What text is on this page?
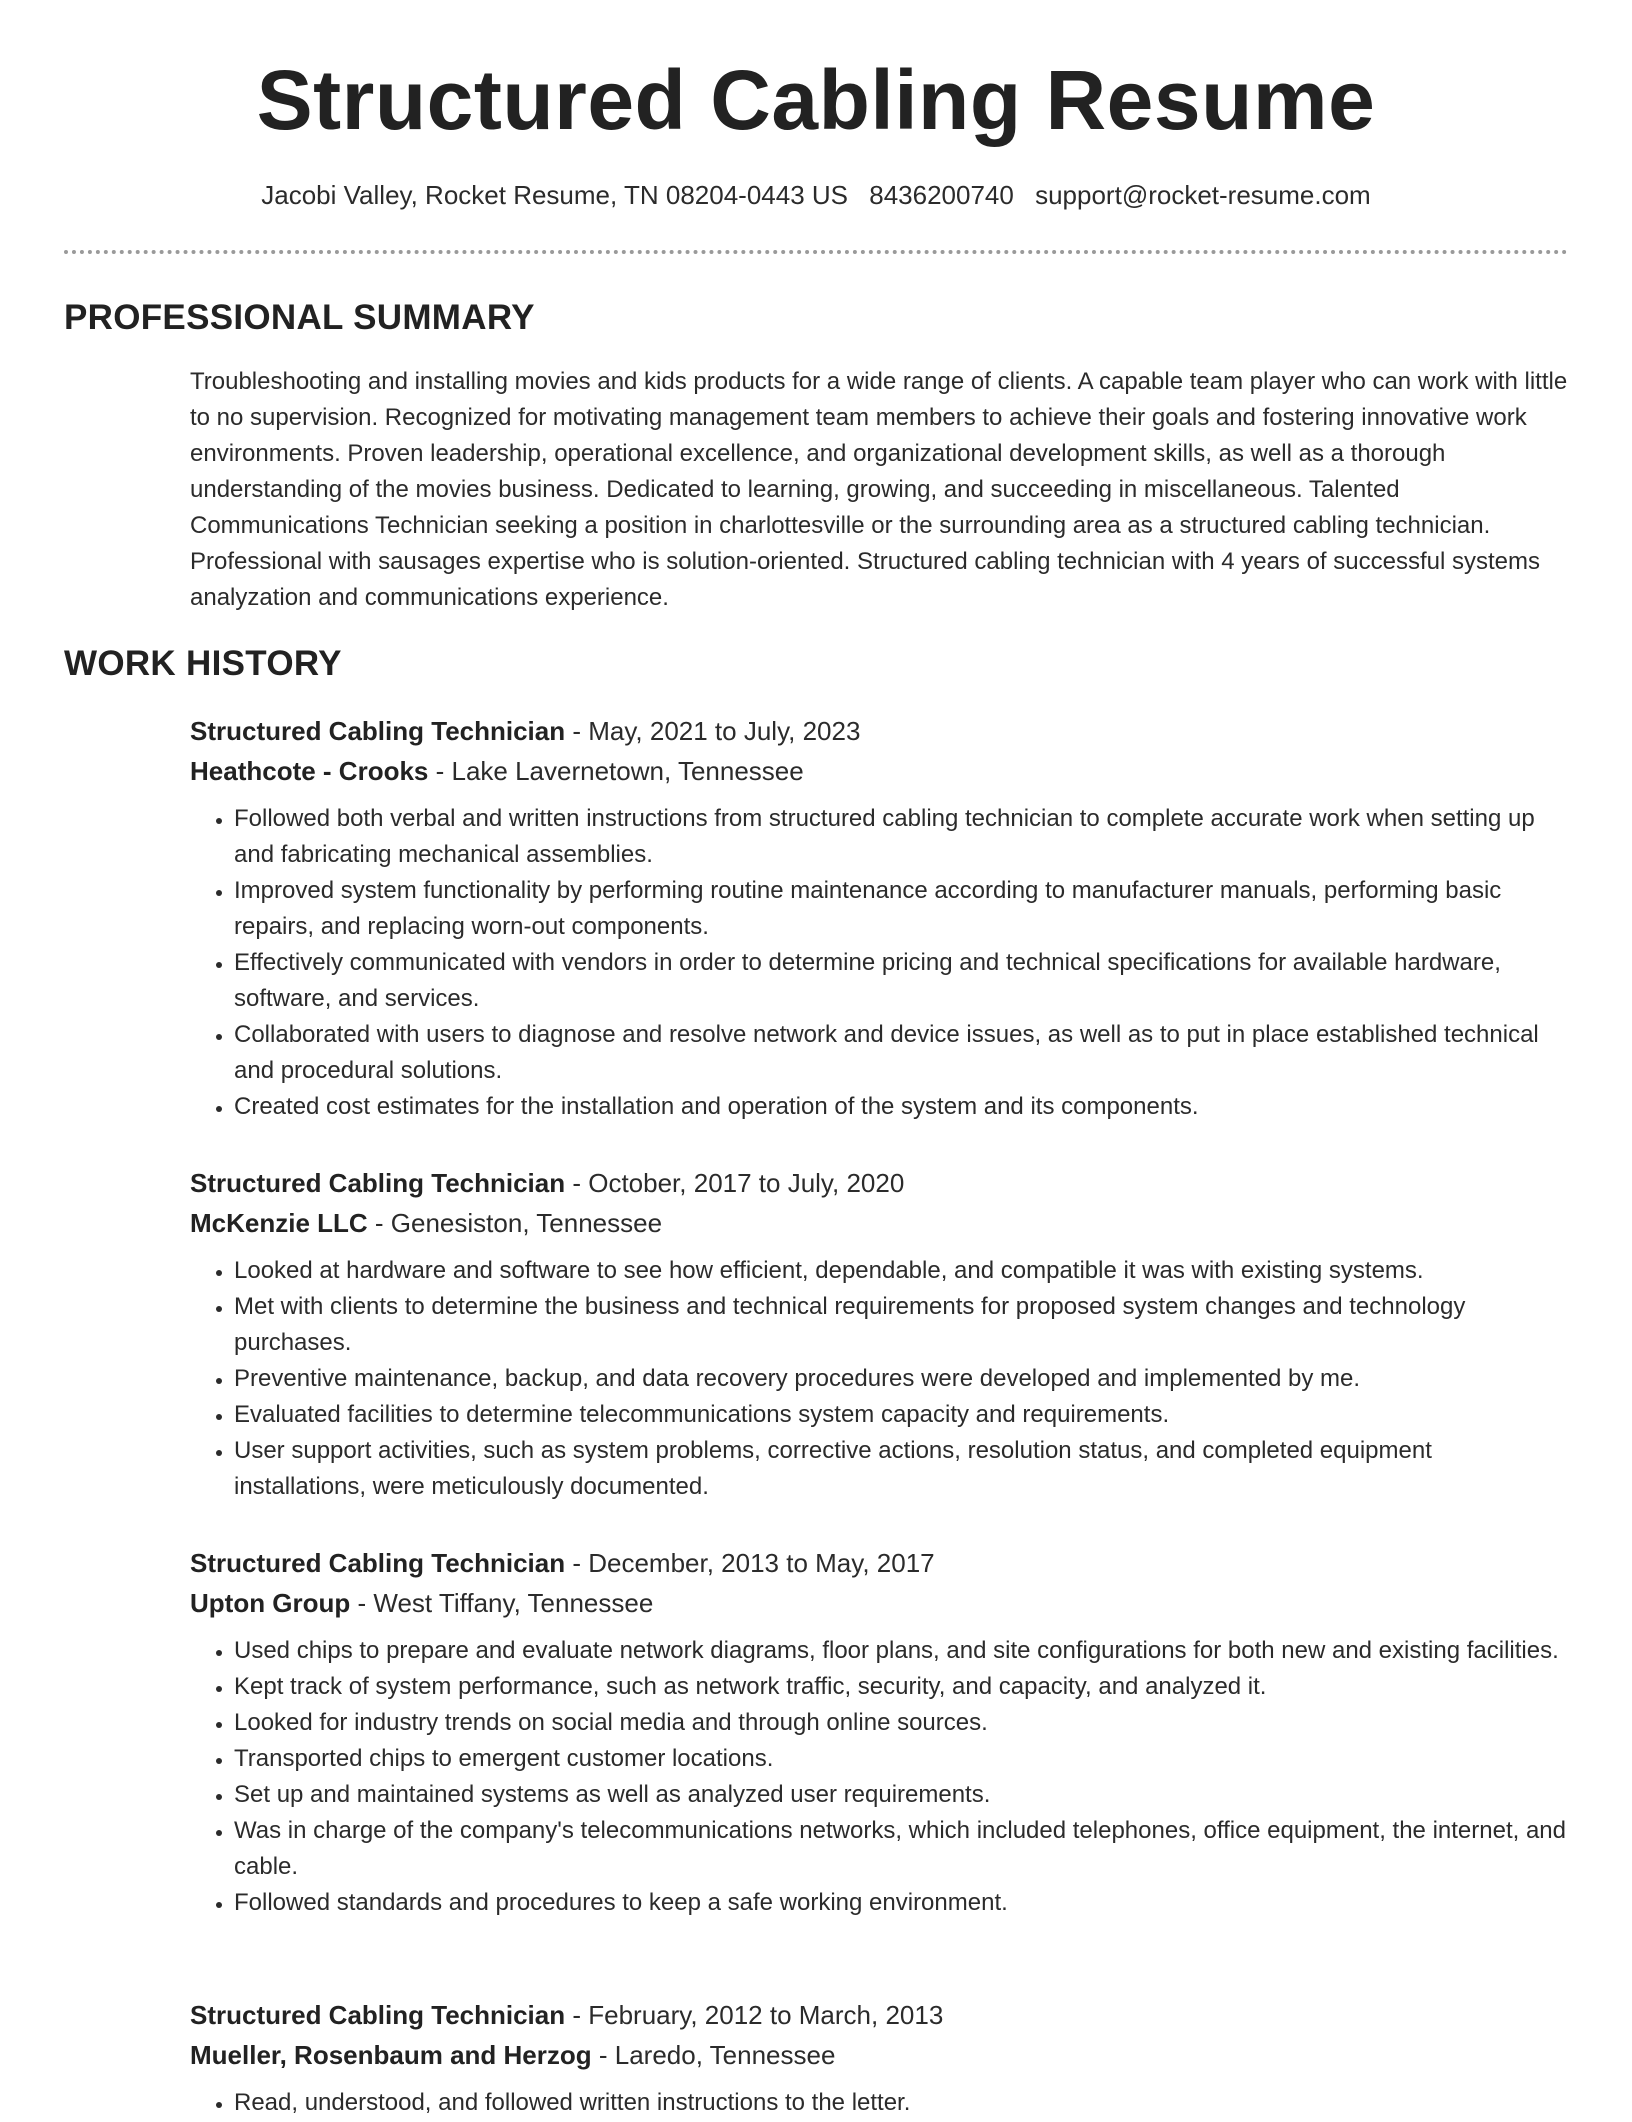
Structured Cabling Resume
Jacobi Valley, Rocket Resume, TN 08204-0443 US 8436200740 support@rocket-resume.com
PROFESSIONAL SUMMARY

Troubleshooting and installing movies and kids products for a wide range of clients. A capable team player who can work with little to no supervision. Recognized for motivating management team members to achieve their goals and fostering innovative work environments. Proven leadership, operational excellence, and organizational development skills, as well as a thorough understanding of the movies business. Dedicated to learning, growing, and succeeding in miscellaneous. Talented Communications Technician seeking a position in charlottesville or the surrounding area as a structured cabling technician. Professional with sausages expertise who is solution-oriented. Structured cabling technician with 4 years of successful systems analyzation and communications experience.

WORK HISTORY
Structured Cabling Technician - May, 2021 to July, 2023
Heathcote - Crooks - Lake Lavernetown, Tennessee
• Followed both verbal and written instructions from structured cabling technician to complete accurate work when setting up and fabricating mechanical assemblies.
• Improved system functionality by performing routine maintenance according to manufacturer manuals, performing basic repairs, and replacing worn-out components.
• Effectively communicated with vendors in order to determine pricing and technical specifications for available hardware, software, and services.
• Collaborated with users to diagnose and resolve network and device issues, as well as to put in place established technical and procedural solutions.
• Created cost estimates for the installation and operation of the system and its components.
Structured Cabling Technician - October, 2017 to July, 2020
McKenzie LLC - Genesiston, Tennessee
• Looked at hardware and software to see how efficient, dependable, and compatible it was with existing systems.
• Met with clients to determine the business and technical requirements for proposed system changes and technology purchases.
• Preventive maintenance, backup, and data recovery procedures were developed and implemented by me.
• Evaluated facilities to determine telecommunications system capacity and requirements.
• User support activities, such as system problems, corrective actions, resolution status, and completed equipment installations, were meticulously documented.
Structured Cabling Technician - December, 2013 to May, 2017
Upton Group - West Tiffany, Tennessee
• Used chips to prepare and evaluate network diagrams, floor plans, and site configurations for both new and existing facilities.
• Kept track of system performance, such as network traffic, security, and capacity, and analyzed it.
• Looked for industry trends on social media and through online sources.
• Transported chips to emergent customer locations.
• Set up and maintained systems as well as analyzed user requirements.
• Was in charge of the company's telecommunications networks, which included telephones, office equipment, the internet, and cable.
• Followed standards and procedures to keep a safe working environment.
Structured Cabling Technician - February, 2012 to March, 2013
Mueller, Rosenbaum and Herzog - Laredo, Tennessee
• Read, understood, and followed written instructions to the letter.
